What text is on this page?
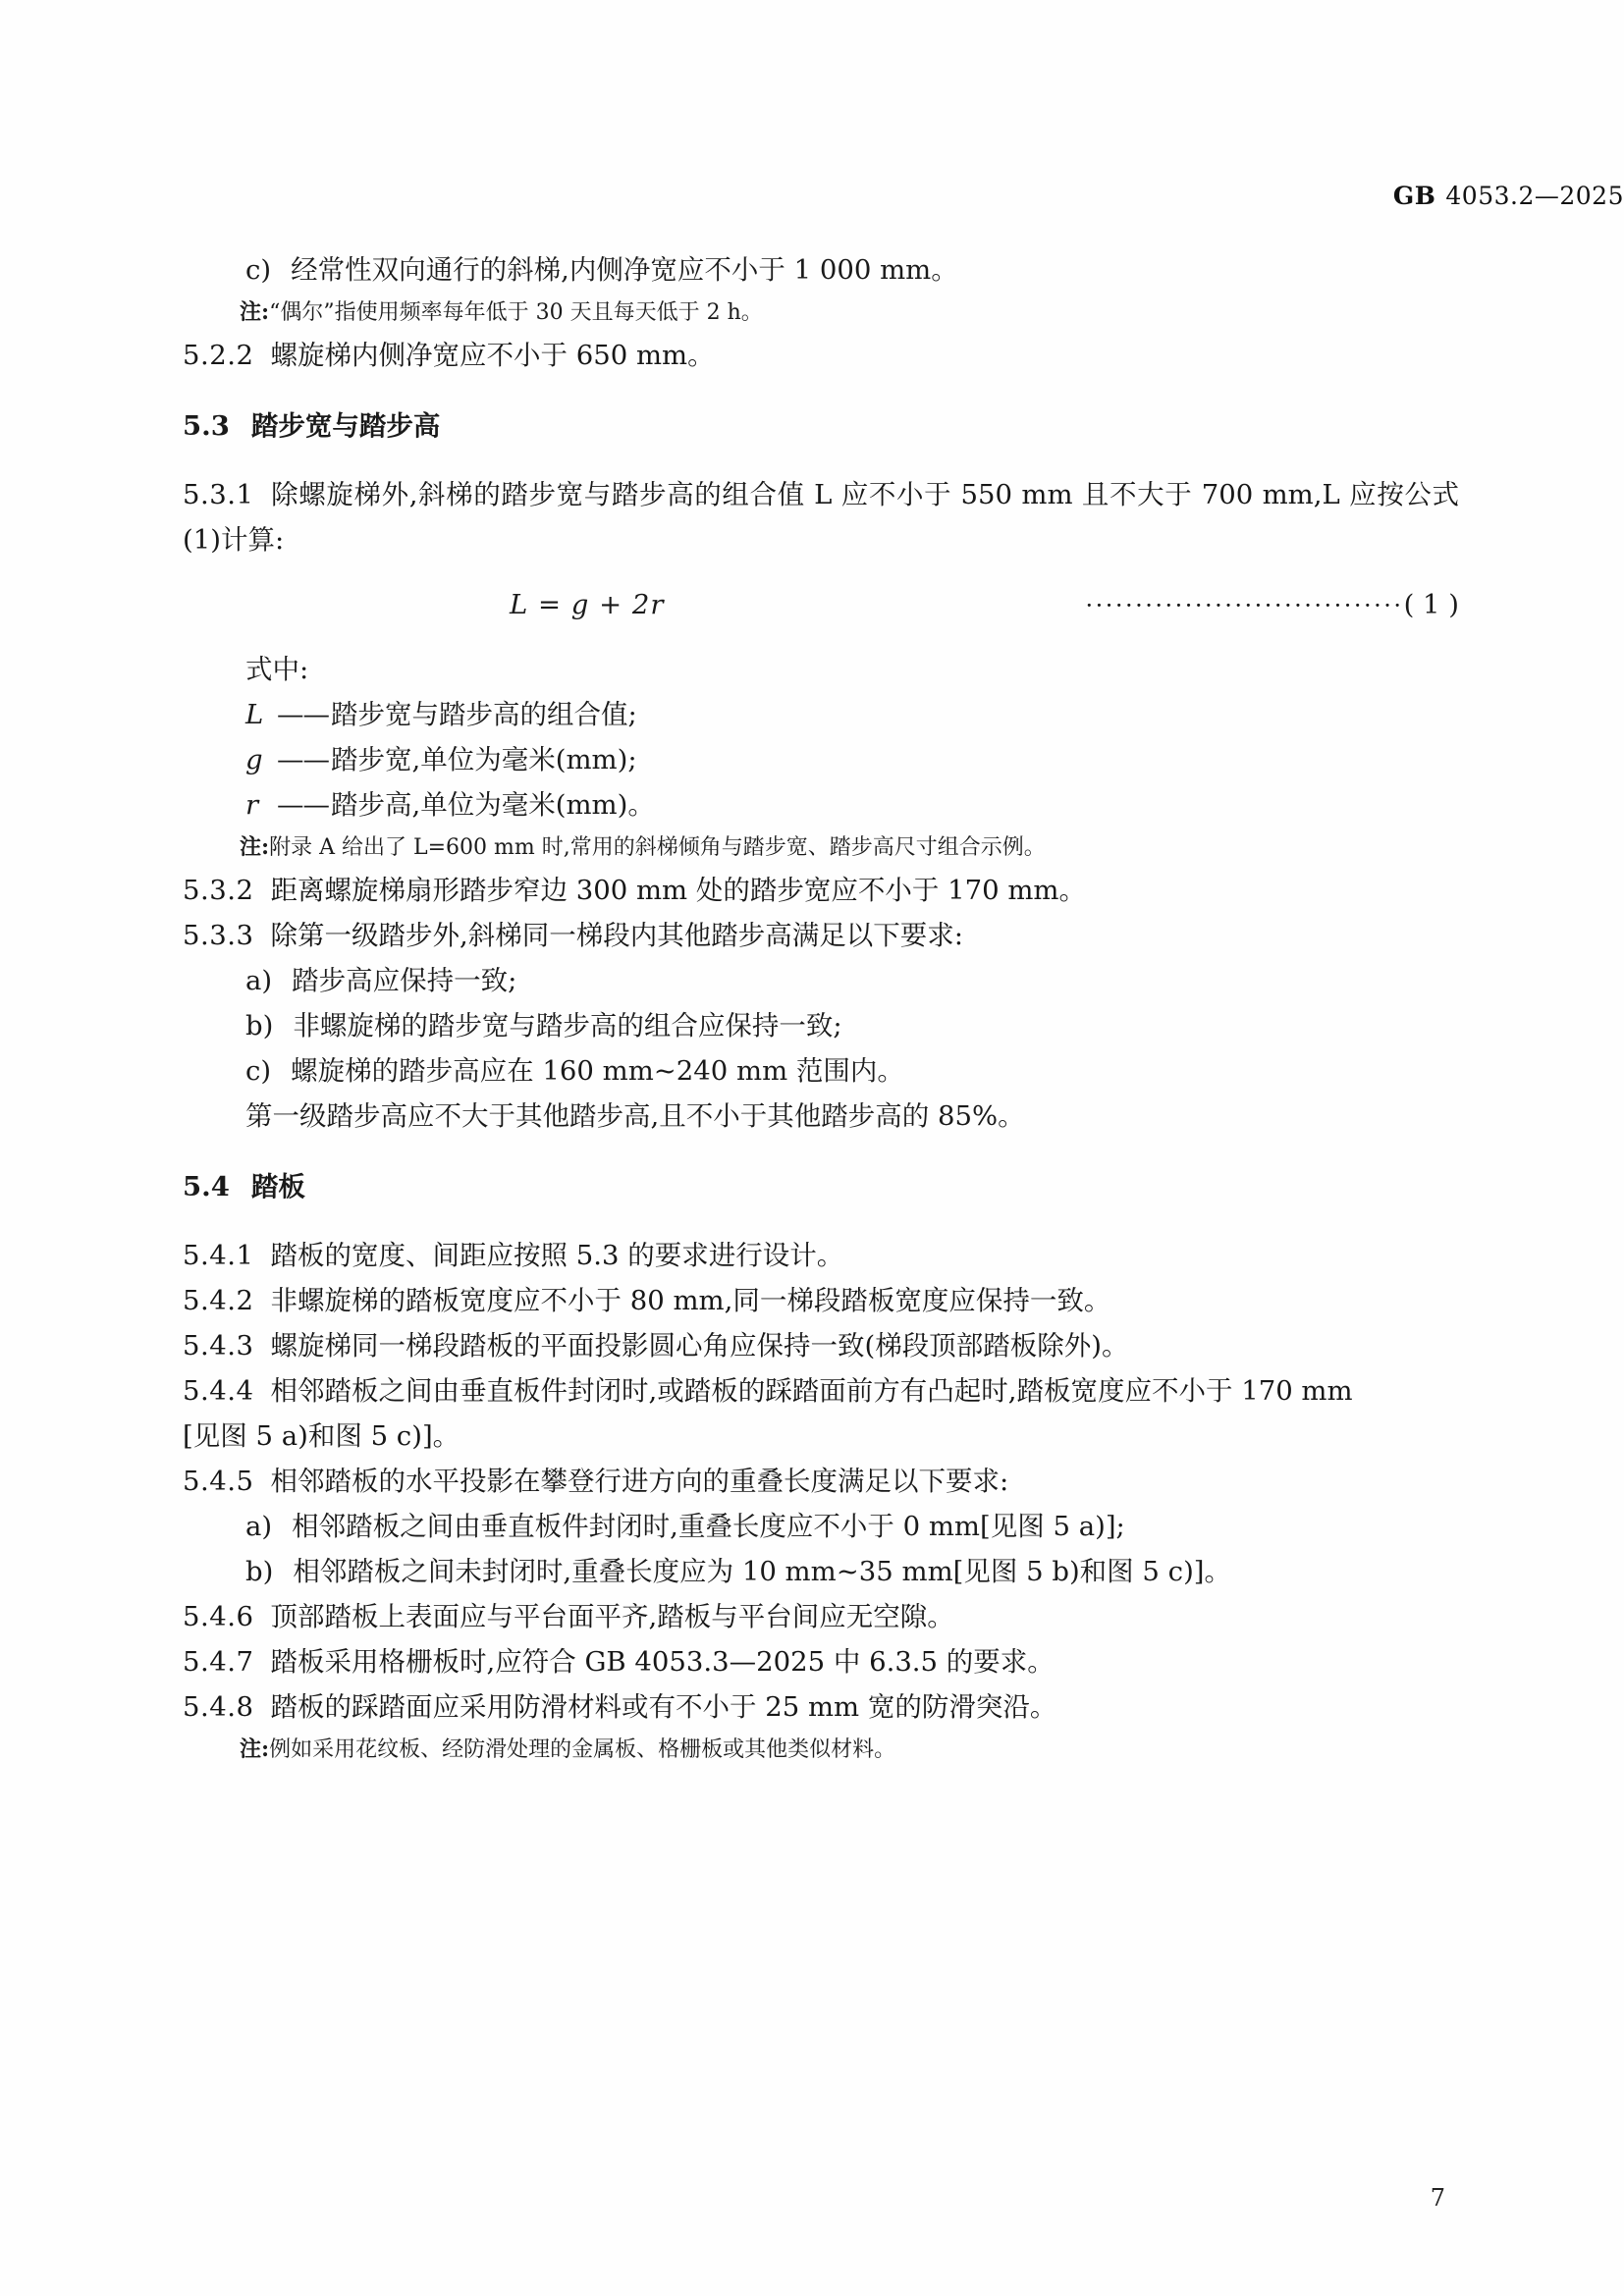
GB 4053.2—2025

c) 经常性双向通行的斜梯,内侧净宽应不小于 1 000 mm。

注:“偶尔”指使用频率每年低于 30 天且每天低于 2 h。

5.2.2 螺旋梯内侧净宽应不小于 650 mm。

5.3 踏步宽与踏步高

5.3.1 除螺旋梯外,斜梯的踏步宽与踏步高的组合值 L 应不小于 550 mm 且不大于 700 mm,L 应按公式(1)计算:

L = g + 2r	································( 1 )

式中:

L ——踏步宽与踏步高的组合值;

g ——踏步宽,单位为毫米(mm);

r ——踏步高,单位为毫米(mm)。

注:附录 A 给出了 L=600 mm 时,常用的斜梯倾角与踏步宽、踏步高尺寸组合示例。

5.3.2 距离螺旋梯扇形踏步窄边 300 mm 处的踏步宽应不小于 170 mm。

5.3.3 除第一级踏步外,斜梯同一梯段内其他踏步高满足以下要求:

a) 踏步高应保持一致;

b) 非螺旋梯的踏步宽与踏步高的组合应保持一致;

c) 螺旋梯的踏步高应在 160 mm~240 mm 范围内。

第一级踏步高应不大于其他踏步高,且不小于其他踏步高的 85%。

5.4 踏板

5.4.1 踏板的宽度、间距应按照 5.3 的要求进行设计。

5.4.2 非螺旋梯的踏板宽度应不小于 80 mm,同一梯段踏板宽度应保持一致。

5.4.3 螺旋梯同一梯段踏板的平面投影圆心角应保持一致(梯段顶部踏板除外)。

5.4.4 相邻踏板之间由垂直板件封闭时,或踏板的踩踏面前方有凸起时,踏板宽度应不小于 170 mm

[见图 5 a)和图 5 c)]。

5.4.5 相邻踏板的水平投影在攀登行进方向的重叠长度满足以下要求:

a) 相邻踏板之间由垂直板件封闭时,重叠长度应不小于 0 mm[见图 5 a)];

b) 相邻踏板之间未封闭时,重叠长度应为 10 mm~35 mm[见图 5 b)和图 5 c)]。

5.4.6 顶部踏板上表面应与平台面平齐,踏板与平台间应无空隙。

5.4.7 踏板采用格栅板时,应符合 GB 4053.3—2025 中 6.3.5 的要求。

5.4.8 踏板的踩踏面应采用防滑材料或有不小于 25 mm 宽的防滑突沿。

注:例如采用花纹板、经防滑处理的金属板、格栅板或其他类似材料。

7
